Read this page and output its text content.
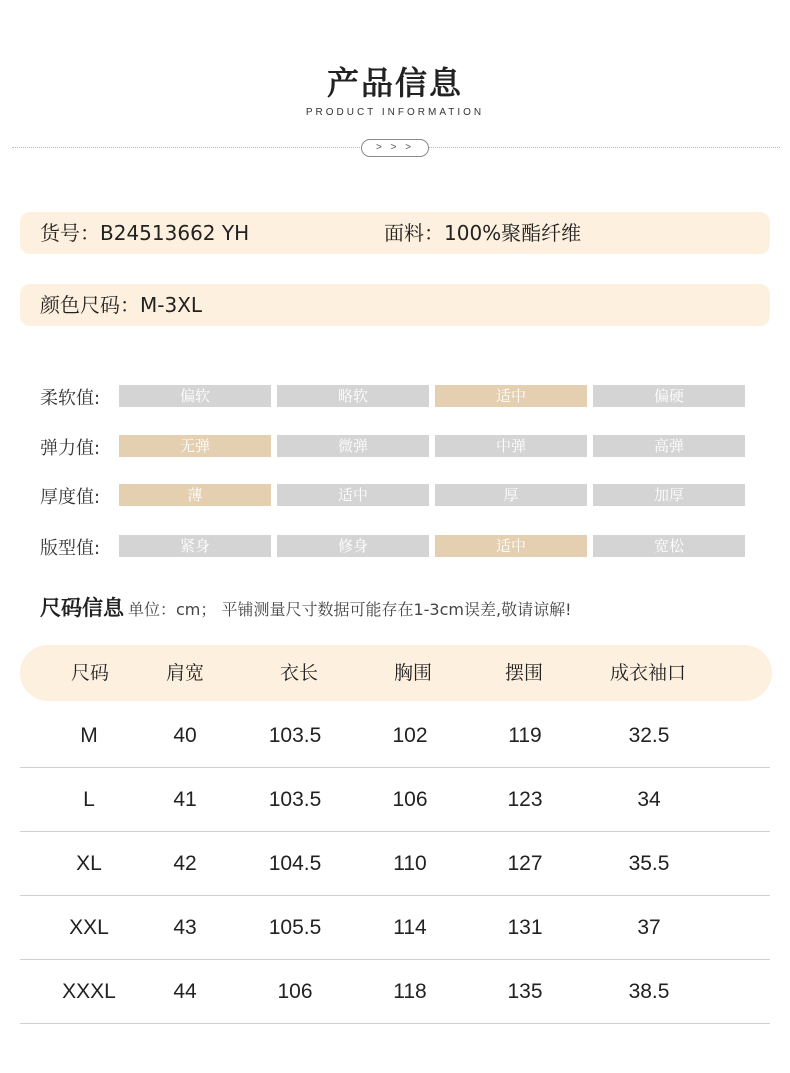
产品信息
PRODUCT INFORMATION
> > >
货号：B24513662 YH	面料：100%聚酯纤维
颜色尺码：M-3XL
柔软值:	偏软	略软	适中	偏硬
弹力值:	无弹	微弹	中弹	高弹
厚度值:	薄	适中	厚	加厚
版型值:	紧身	修身	适中	宽松
尺码信息 单位：cm； 平铺测量尺寸数据可能存在1-3cm误差,敬请谅解!
尺码	肩宽	衣长	胸围	摆围	成衣袖口
M	40	103.5	102	119	32.5
L	41	103.5	106	123	34
XL	42	104.5	110	127	35.5
XXL	43	105.5	114	131	37
XXXL	44	106	118	135	38.5
